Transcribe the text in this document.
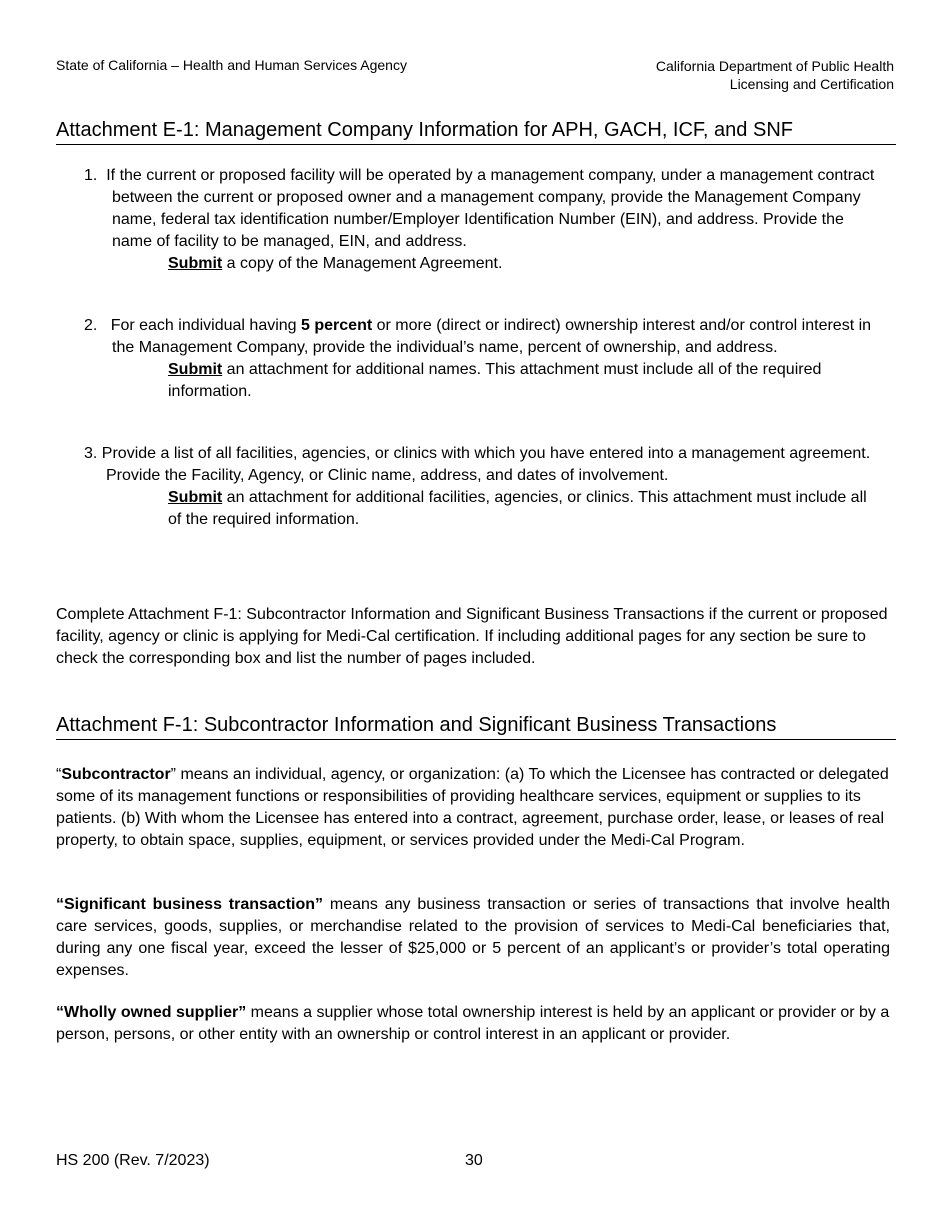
State of California – Health and Human Services Agency	California Department of Public Health
Licensing and Certification
Attachment E-1: Management Company Information for APH, GACH, ICF, and SNF
1. If the current or proposed facility will be operated by a management company, under a management contract between the current or proposed owner and a management company, provide the Management Company name, federal tax identification number/Employer Identification Number (EIN), and address. Provide the name of facility to be managed, EIN, and address.
Submit a copy of the Management Agreement.
2. For each individual having 5 percent or more (direct or indirect) ownership interest and/or control interest in the Management Company, provide the individual’s name, percent of ownership, and address.
Submit an attachment for additional names. This attachment must include all of the required information.
3. Provide a list of all facilities, agencies, or clinics with which you have entered into a management agreement. Provide the Facility, Agency, or Clinic name, address, and dates of involvement.
Submit an attachment for additional facilities, agencies, or clinics. This attachment must include all of the required information.
Complete Attachment F-1: Subcontractor Information and Significant Business Transactions if the current or proposed facility, agency or clinic is applying for Medi-Cal certification. If including additional pages for any section be sure to check the corresponding box and list the number of pages included.
Attachment F-1: Subcontractor Information and Significant Business Transactions
“Subcontractor” means an individual, agency, or organization: (a) To which the Licensee has contracted or delegated some of its management functions or responsibilities of providing healthcare services, equipment or supplies to its patients. (b) With whom the Licensee has entered into a contract, agreement, purchase order, lease, or leases of real property, to obtain space, supplies, equipment, or services provided under the Medi-Cal Program.
“Significant business transaction” means any business transaction or series of transactions that involve health care services, goods, supplies, or merchandise related to the provision of services to Medi-Cal beneficiaries that, during any one fiscal year, exceed the lesser of $25,000 or 5 percent of an applicant’s or provider’s total operating expenses.
“Wholly owned supplier” means a supplier whose total ownership interest is held by an applicant or provider or by a person, persons, or other entity with an ownership or control interest in an applicant or provider.
HS 200 (Rev. 7/2023)	30
